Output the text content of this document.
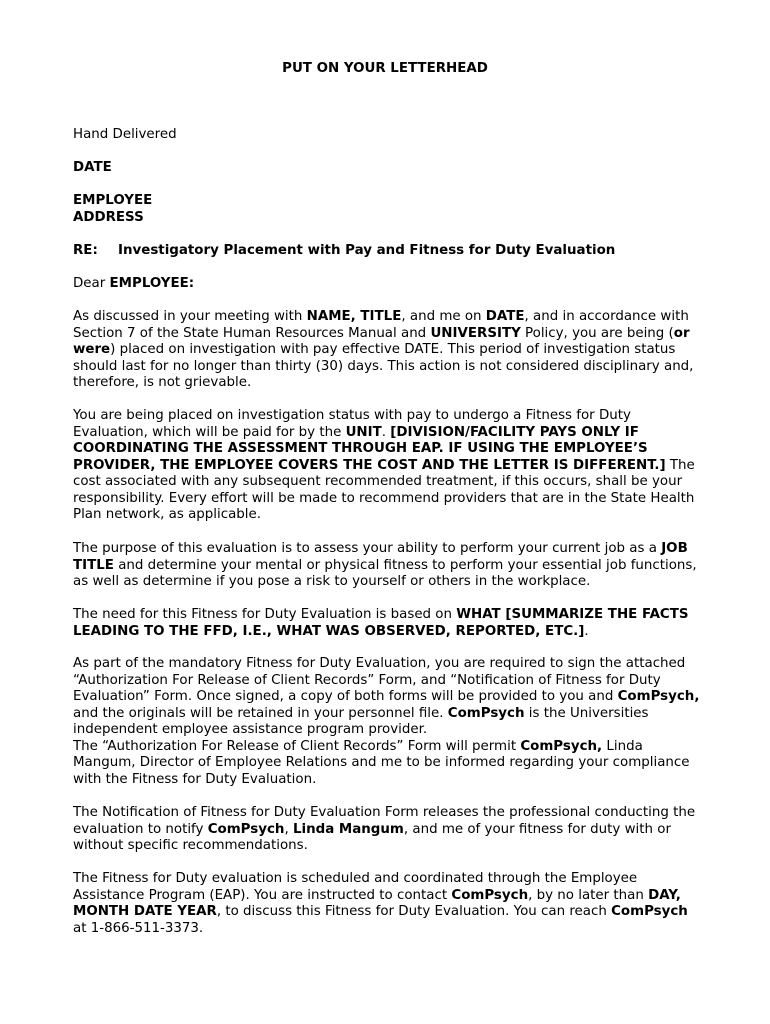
PUT ON YOUR LETTERHEAD
Hand Delivered
DATE
EMPLOYEE
ADDRESS
RE: Investigatory Placement with Pay and Fitness for Duty Evaluation
Dear EMPLOYEE:

As discussed in your meeting with NAME, TITLE, and me on DATE, and in accordance with Section 7 of the State Human Resources Manual and UNIVERSITY Policy, you are being (or were) placed on investigation with pay effective DATE. This period of investigation status should last for no longer than thirty (30) days. This action is not considered disciplinary and, therefore, is not grievable.

You are being placed on investigation status with pay to undergo a Fitness for Duty Evaluation, which will be paid for by the UNIT. [DIVISION/FACILITY PAYS ONLY IF COORDINATING THE ASSESSMENT THROUGH EAP. IF USING THE EMPLOYEE’S PROVIDER, THE EMPLOYEE COVERS THE COST AND THE LETTER IS DIFFERENT.] The cost associated with any subsequent recommended treatment, if this occurs, shall be your responsibility. Every effort will be made to recommend providers that are in the State Health Plan network, as applicable.

The purpose of this evaluation is to assess your ability to perform your current job as a JOB TITLE and determine your mental or physical fitness to perform your essential job functions, as well as determine if you pose a risk to yourself or others in the workplace.

The need for this Fitness for Duty Evaluation is based on WHAT [SUMMARIZE THE FACTS LEADING TO THE FFD, I.E., WHAT WAS OBSERVED, REPORTED, ETC.].

As part of the mandatory Fitness for Duty Evaluation, you are required to sign the attached “Authorization For Release of Client Records” Form, and “Notification of Fitness for Duty Evaluation” Form. Once signed, a copy of both forms will be provided to you and ComPsych, and the originals will be retained in your personnel file. ComPsych is the Universities independent employee assistance program provider.
The “Authorization For Release of Client Records” Form will permit ComPsych, Linda Mangum, Director of Employee Relations and me to be informed regarding your compliance with the Fitness for Duty Evaluation.

The Notification of Fitness for Duty Evaluation Form releases the professional conducting the evaluation to notify ComPsych, Linda Mangum, and me of your fitness for duty with or without specific recommendations.

The Fitness for Duty evaluation is scheduled and coordinated through the Employee Assistance Program (EAP). You are instructed to contact ComPsych, by no later than DAY, MONTH DATE YEAR, to discuss this Fitness for Duty Evaluation. You can reach ComPsych at 1-866-511-3373.
